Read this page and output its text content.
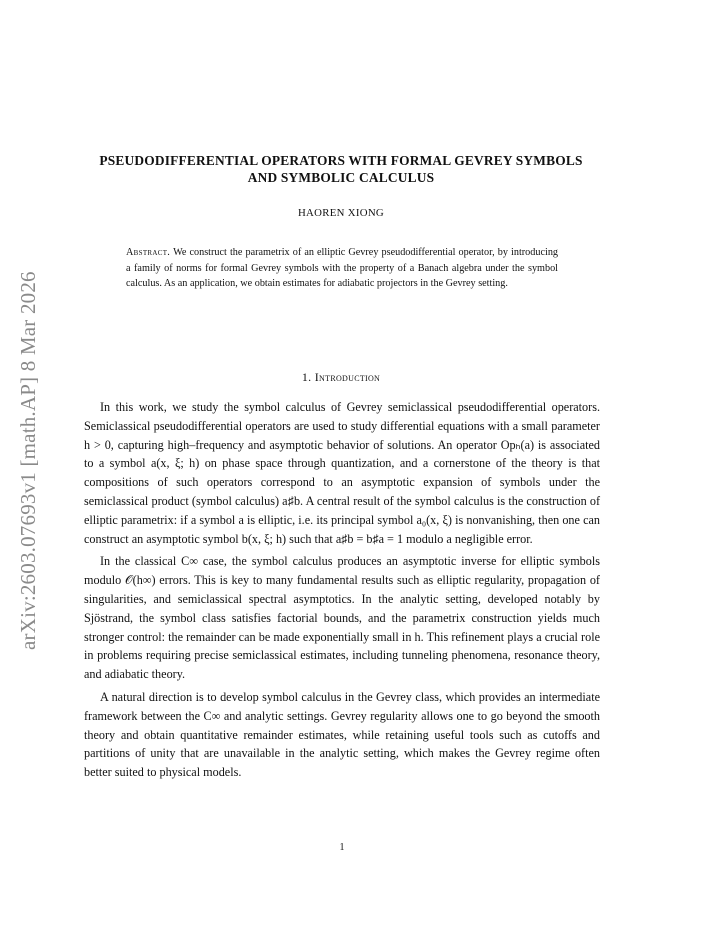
arXiv:2603.07693v1 [math.AP] 8 Mar 2026
PSEUDODIFFERENTIAL OPERATORS WITH FORMAL GEVREY SYMBOLS AND SYMBOLIC CALCULUS
HAOREN XIONG
Abstract. We construct the parametrix of an elliptic Gevrey pseudodifferential operator, by introducing a family of norms for formal Gevrey symbols with the property of a Banach algebra under the symbol calculus. As an application, we obtain estimates for adiabatic projectors in the Gevrey setting.
1. Introduction

In this work, we study the symbol calculus of Gevrey semiclassical pseudodifferential operators. Semiclassical pseudodifferential operators are used to study differential equations with a small parameter h > 0, capturing high–frequency and asymptotic behavior of solutions. An operator Opₕ(a) is associated to a symbol a(x, ξ; h) on phase space through quantization, and a cornerstone of the theory is that compositions of such operators correspond to an asymptotic expansion of symbols under the semiclassical product (symbol calculus) a♯b. A central result of the symbol calculus is the construction of elliptic parametrix: if a symbol a is elliptic, i.e. its principal symbol a₀(x, ξ) is nonvanishing, then one can construct an asymptotic symbol b(x, ξ; h) such that a♯b = b♯a = 1 modulo a negligible error.

In the classical C∞ case, the symbol calculus produces an asymptotic inverse for elliptic symbols modulo 𝒪(h∞) errors. This is key to many fundamental results such as elliptic regularity, propagation of singularities, and semiclassical spectral asymptotics. In the analytic setting, developed notably by Sjöstrand, the symbol class satisfies factorial bounds, and the parametrix construction yields much stronger control: the remainder can be made exponentially small in h. This refinement plays a crucial role in problems requiring precise semiclassical estimates, including tunneling phenomena, resonance theory, and adiabatic theory.

A natural direction is to develop symbol calculus in the Gevrey class, which provides an intermediate framework between the C∞ and analytic settings. Gevrey regularity allows one to go beyond the smooth theory and obtain quantitative remainder estimates, while retaining useful tools such as cutoffs and partitions of unity that are unavailable in the analytic setting, which makes the Gevrey regime often better suited to physical models.

1
